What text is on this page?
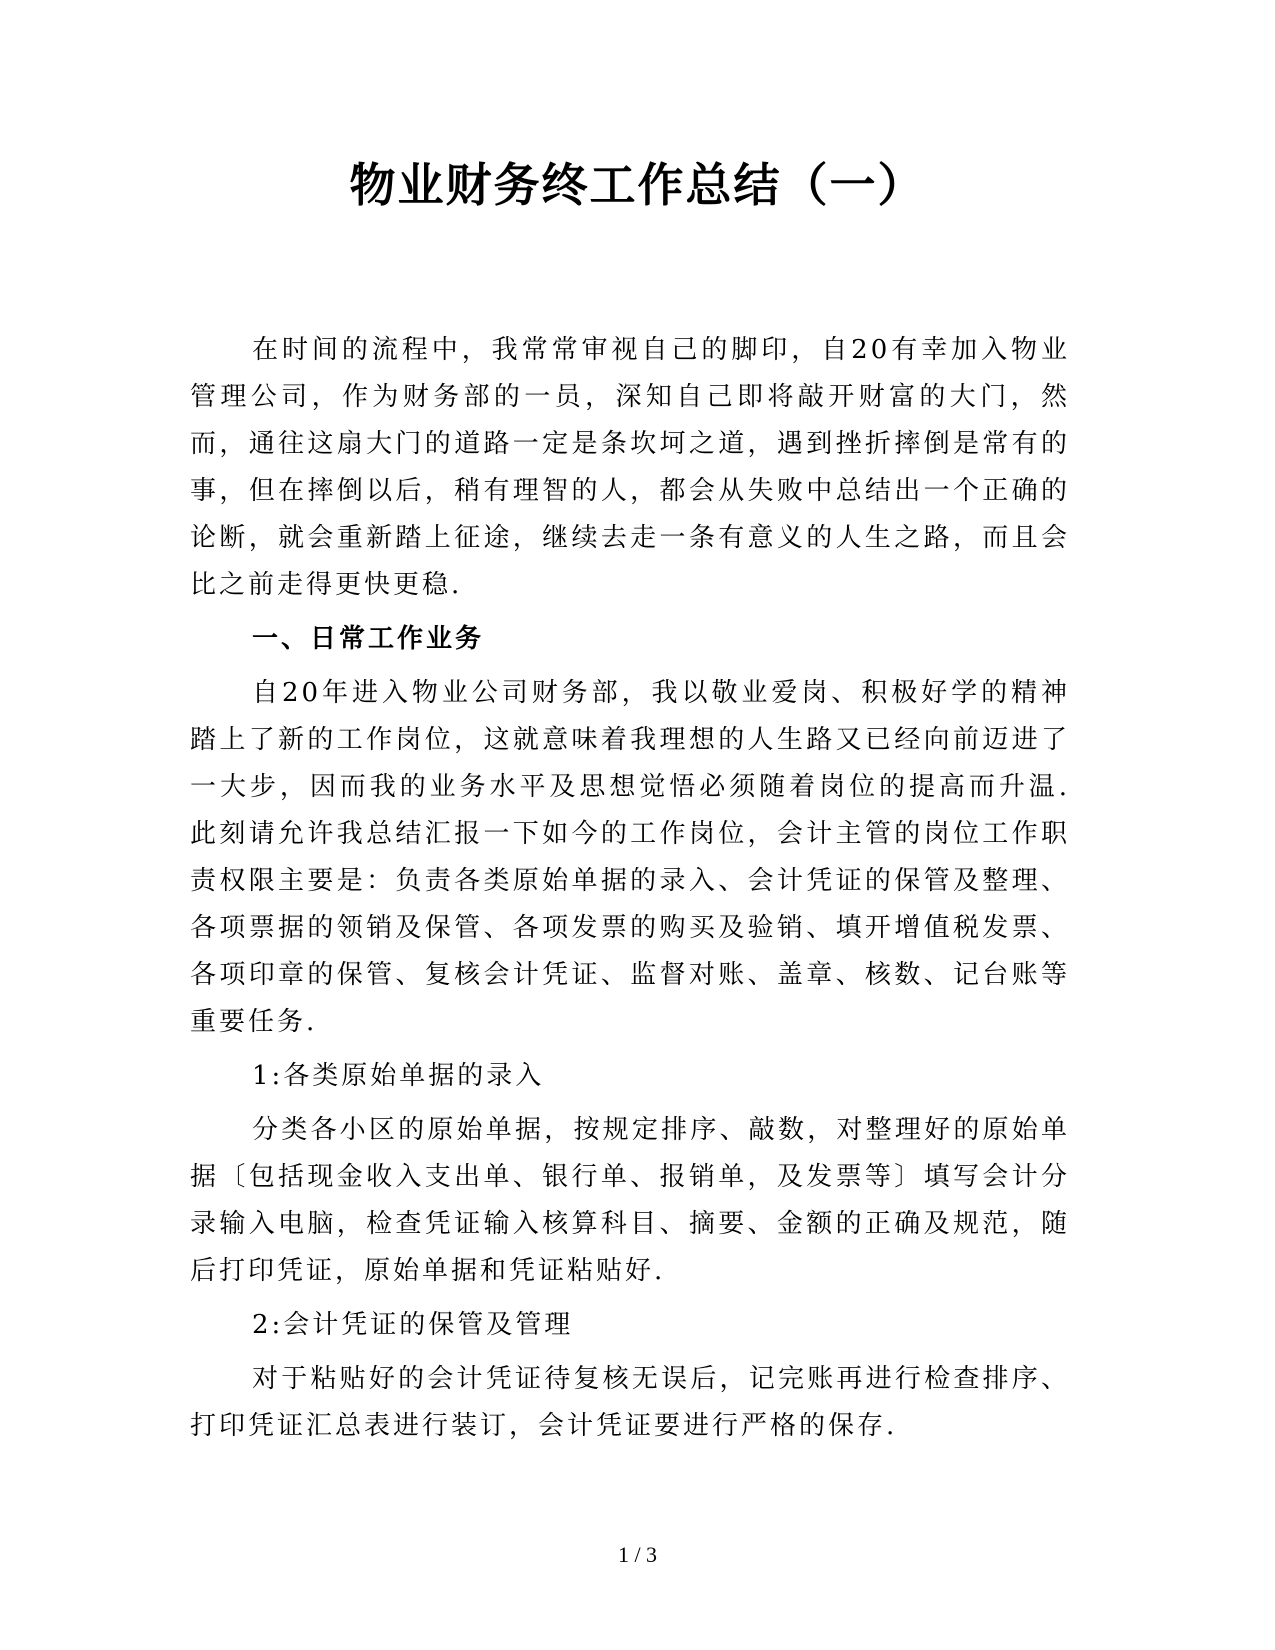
物业财务终工作总结（一）

在时间的流程中，我常常审视自己的脚印，自20有幸加入物业管理公司，作为财务部的一员，深知自己即将敲开财富的大门，然而，通往这扇大门的道路一定是条坎坷之道，遇到挫折摔倒是常有的事，但在摔倒以后，稍有理智的人，都会从失败中总结出一个正确的论断，就会重新踏上征途，继续去走一条有意义的人生之路，而且会比之前走得更快更稳.

一、日常工作业务

自20年进入物业公司财务部，我以敬业爱岗、积极好学的精神踏上了新的工作岗位，这就意味着我理想的人生路又已经向前迈进了一大步，因而我的业务水平及思想觉悟必须随着岗位的提高而升温.此刻请允许我总结汇报一下如今的工作岗位，会计主管的岗位工作职责权限主要是：负责各类原始单据的录入、会计凭证的保管及整理、各项票据的领销及保管、各项发票的购买及验销、填开增值税发票、各项印章的保管、复核会计凭证、监督对账、盖章、核数、记台账等重要任务.

1:各类原始单据的录入

分类各小区的原始单据，按规定排序、敲数，对整理好的原始单据〔包括现金收入支出单、银行单、报销单，及发票等〕填写会计分录输入电脑，检查凭证输入核算科目、摘要、金额的正确及规范，随后打印凭证，原始单据和凭证粘贴好.

2:会计凭证的保管及管理

对于粘贴好的会计凭证待复核无误后，记完账再进行检查排序、打印凭证汇总表进行装订，会计凭证要进行严格的保存.

1 / 3
